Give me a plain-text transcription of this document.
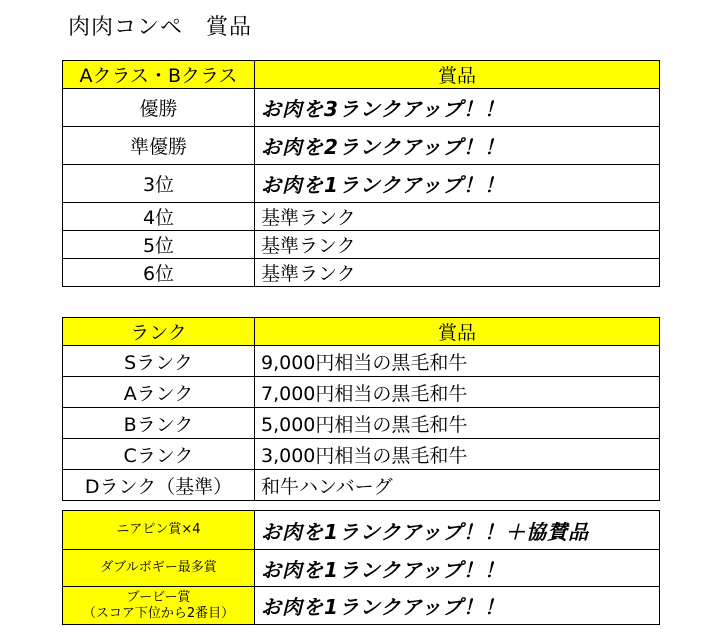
肉肉コンペ　賞品
Aクラス・Bクラス	賞品
優勝	お肉を3ランクアップ！！
準優勝	お肉を2ランクアップ！！
3位	お肉を1ランクアップ！！
4位	基準ランク
5位	基準ランク
6位	基準ランク
ランク	賞品
Sランク	9,000円相当の黒毛和牛
Aランク	7,000円相当の黒毛和牛
Bランク	5,000円相当の黒毛和牛
Cランク	3,000円相当の黒毛和牛
Dランク（基準）	和牛ハンバーグ
ニアピン賞×4	お肉を1ランクアップ！！＋協賛品
ダブルボギー最多賞	お肉を1ランクアップ！！

ブービー賞
（スコア下位から2番目）	お肉を1ランクアップ！！
